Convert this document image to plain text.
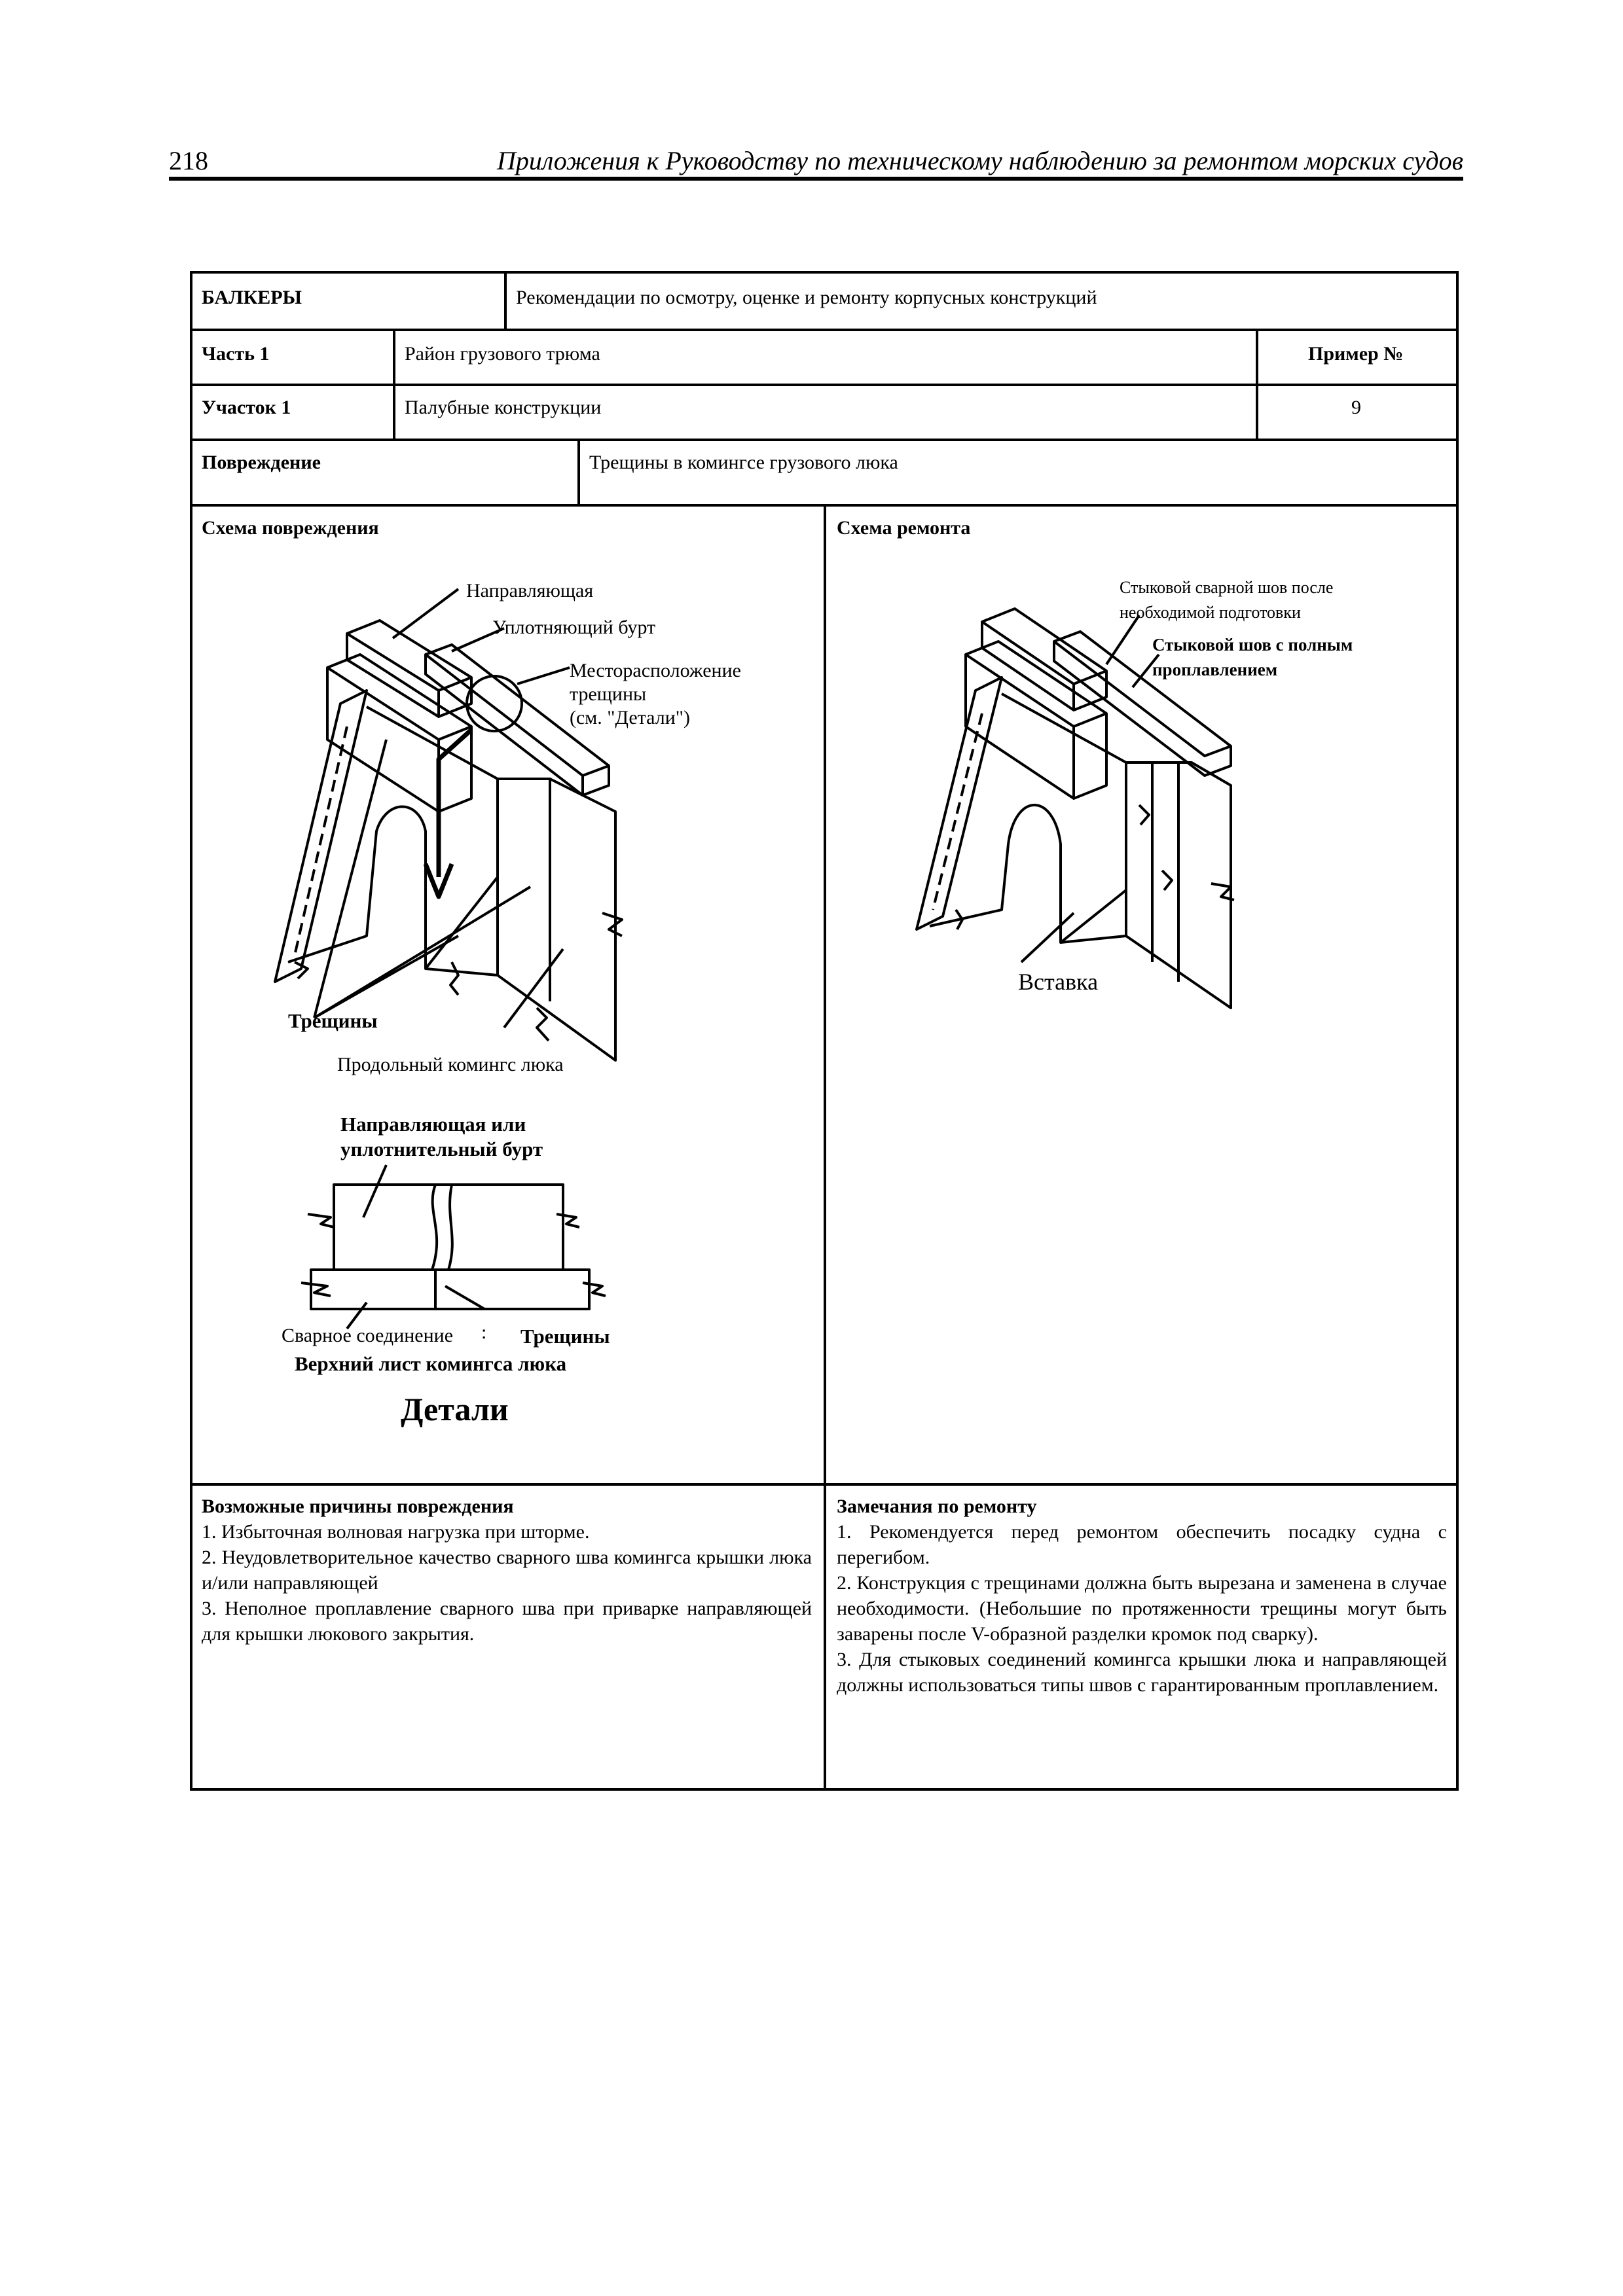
218	Приложения к Руководству по техническому наблюдению за ремонтом морских судов
БАЛКЕРЫ	Рекомендации по осмотру, оценке и ремонту корпусных конструкций
Часть 1	Район грузового трюма	Пример №
Участок 1	Палубные конструкции	9
Повреждение	Трещины в комингсе грузового люка
Схема повреждения	Схема ремонта

Возможные причины повреждения

1. Избыточная волновая нагрузка при шторме.

2. Неудовлетворительное качество сварного шва комингса крышки люка и/или направляющей

3. Неполное проплавление сварного шва при приварке направляющей для крышки люкового закрытия.

Замечания по ремонту

1. Рекомендуется перед ремонтом обеспечить посадку судна с перегибом.

2. Конструкция с трещинами должна быть вырезана и заменена в случае необходимости. (Небольшие по протяженности трещины могут быть заварены после V-образной разделки кромок под сварку).

3. Для стыковых соединений комингса крышки люка и направляющей должны использоваться типы швов с гарантированным проплавлением.

Направляющая
Уплотняющий бурт
Месторасположение
трещины
(см. "Детали")
Трещины
Продольный комингс люка
Направляющая или
уплотнительный бурт
Сварное соединение : Трещины
Верхний лист комингса люка
Детали
Стыковой сварной шов после
необходимой подготовки
Стыковой шов с полным
проплавлением
Вставка
